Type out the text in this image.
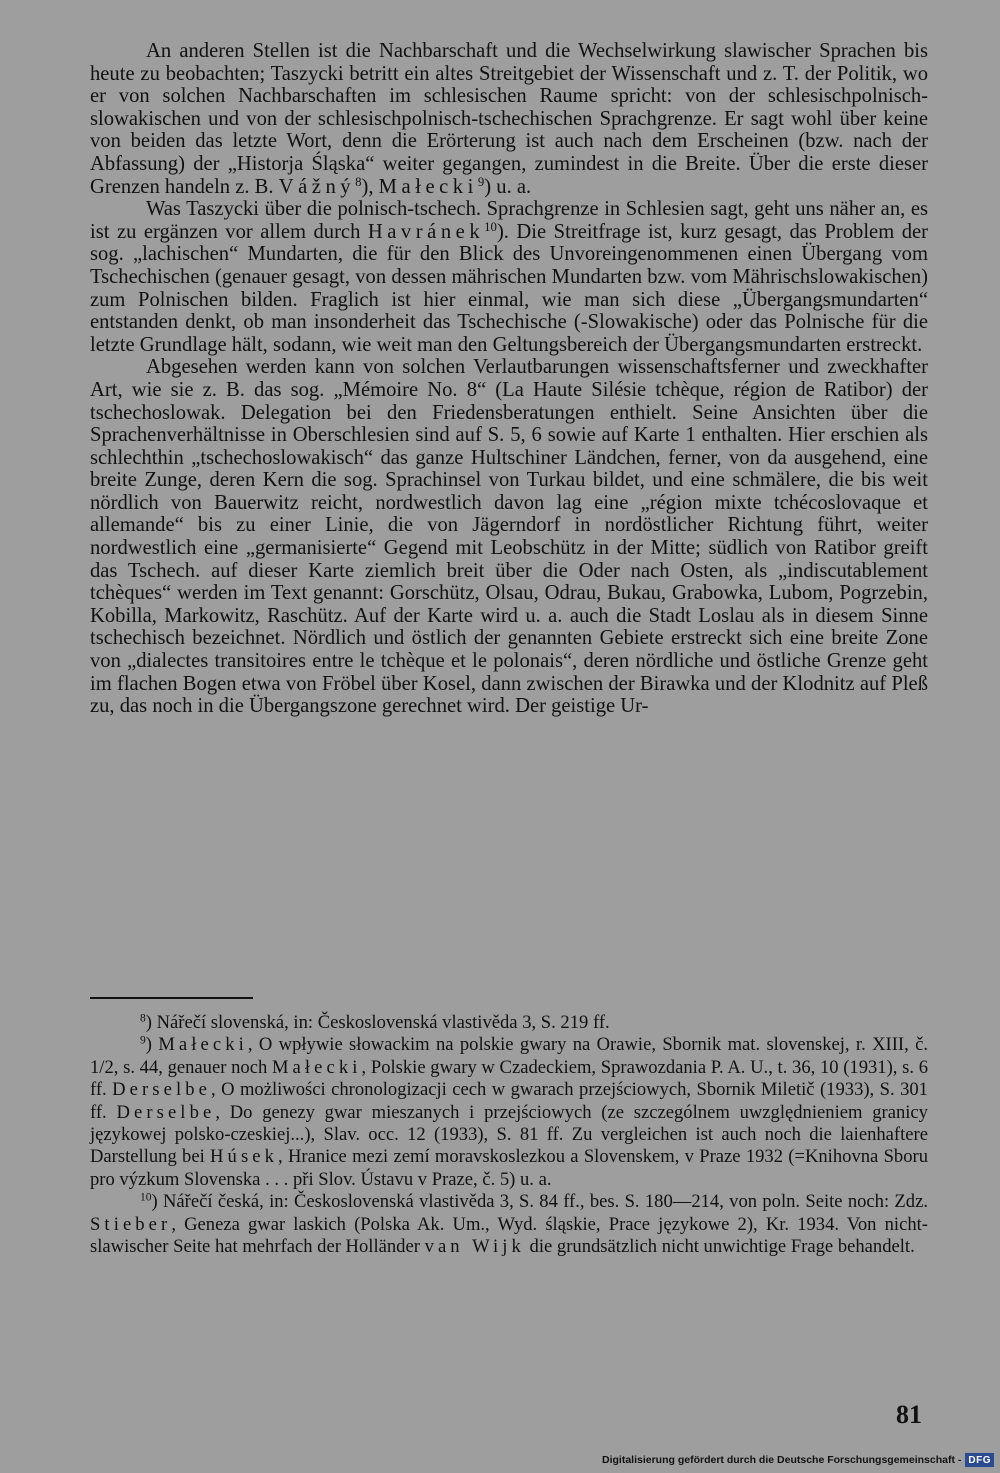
An anderen Stellen ist die Nachbarschaft und die Wechselwirkung slawischer Sprachen bis heute zu beobachten; Taszycki betritt ein altes Streitgebiet der Wissenschaft und z. T. der Politik, wo er von solchen Nachbarschaften im schlesischen Raume spricht: von der schlesischpolnisch-slowakischen und von der schlesischpolnisch-tschechischen Sprachgrenze. Er sagt wohl über keine von beiden das letzte Wort, denn die Erörterung ist auch nach dem Erscheinen (bzw. nach der Abfassung) der „Historja Śląska“ weiter gegangen, zumindest in die Breite. Über die erste dieser Grenzen handeln z. B. Vážný$^8$), Małecki$^9$) u. a.

Was Taszycki über die polnisch-tschech. Sprachgrenze in Schlesien sagt, geht uns näher an, es ist zu ergänzen vor allem durch Havránek$^{10}$). Die Streitfrage ist, kurz gesagt, das Problem der sog. „lachischen“ Mundarten, die für den Blick des Unvoreingenommenen einen Übergang vom Tschechischen (genauer gesagt, von dessen mährischen Mundarten bzw. vom Mährischslowakischen) zum Polnischen bilden. Fraglich ist hier einmal, wie man sich diese „Übergangsmundarten“ entstanden denkt, ob man insonderheit das Tschechische (-Slowakische) oder das Polnische für die letzte Grundlage hält, sodann, wie weit man den Geltungsbereich der Übergangsmundarten erstreckt.

Abgesehen werden kann von solchen Verlautbarungen wissenschaftsferner und zweckhafter Art, wie sie z. B. das sog. „Mémoire No. 8“ (La Haute Silésie tchèque, région de Ratibor) der tschechoslowak. Delegation bei den Friedensberatungen enthielt. Seine Ansichten über die Sprachenverhältnisse in Oberschlesien sind auf S. 5, 6 sowie auf Karte 1 enthalten. Hier erschien als schlechthin „tschechoslowakisch“ das ganze Hultschiner Ländchen, ferner, von da ausgehend, eine breite Zunge, deren Kern die sog. Sprachinsel von Turkau bildet, und eine schmälere, die bis weit nördlich von Bauerwitz reicht, nordwestlich davon lag eine „région mixte tchécoslovaque et allemande“ bis zu einer Linie, die von Jägerndorf in nordöstlicher Richtung führt, weiter nordwestlich eine „germanisierte“ Gegend mit Leobschütz in der Mitte; südlich von Ratibor greift das Tschech. auf dieser Karte ziemlich breit über die Oder nach Osten, als „indiscutablement tchèques“ werden im Text genannt: Gorschütz, Olsau, Odrau, Bukau, Grabowka, Lubom, Pogrzebin, Kobilla, Markowitz, Raschütz. Auf der Karte wird u. a. auch die Stadt Loslau als in diesem Sinne tschechisch bezeichnet. Nördlich und östlich der genannten Gebiete erstreckt sich eine breite Zone von „dialectes transitoires entre le tchèque et le polonais“, deren nördliche und östliche Grenze geht im flachen Bogen etwa von Fröbel über Kosel, dann zwischen der Birawka und der Klodnitz auf Pleß zu, das noch in die Übergangszone gerechnet wird. Der geistige Ur-

$^8$) Nářečí slovenská, in: Československá vlastivěda 3, S. 219 ff.

$^9$) Małecki, O wpływie słowackim na polskie gwary na Orawie, Sbornik mat. slovenskej, r. XIII, č. 1/2, s. 44, genauer noch Małecki, Polskie gwary w Czadeckiem, Sprawozdania P. A. U., t. 36, 10 (1931), s. 6 ff. Derselbe, O możliwości chronologizacji cech w gwarach przejściowych, Sbornik Miletič (1933), S. 301 ff. Derselbe, Do genezy gwar mieszanych i przejściowych (ze szczególnem uwzględnieniem granicy językowej polsko-czeskiej...), Slav. occ. 12 (1933), S. 81 ff. Zu vergleichen ist auch noch die laienhaftere Darstellung bei Húsek, Hranice mezi zemí moravskoslezkou a Slovenskem, v Praze 1932 (=Knihovna Sboru pro výzkum Slovenska . . . při Slov. Ústavu v Praze, č. 5) u. a.

$^{10}$) Nářečí česká, in: Československá vlastivěda 3, S. 84 ff., bes. S. 180—214, von poln. Seite noch: Zdz. Stieber, Geneza gwar laskich (Polska Ak. Um., Wyd. śląskie, Prace językowe 2), Kr. 1934. Von nichtslawischer Seite hat mehrfach der Holländer van Wijk die grundsätzlich nicht unwichtige Frage behandelt.

81
Digitalisierung gefördert durch die Deutsche Forschungsgemeinschaft - DFG
